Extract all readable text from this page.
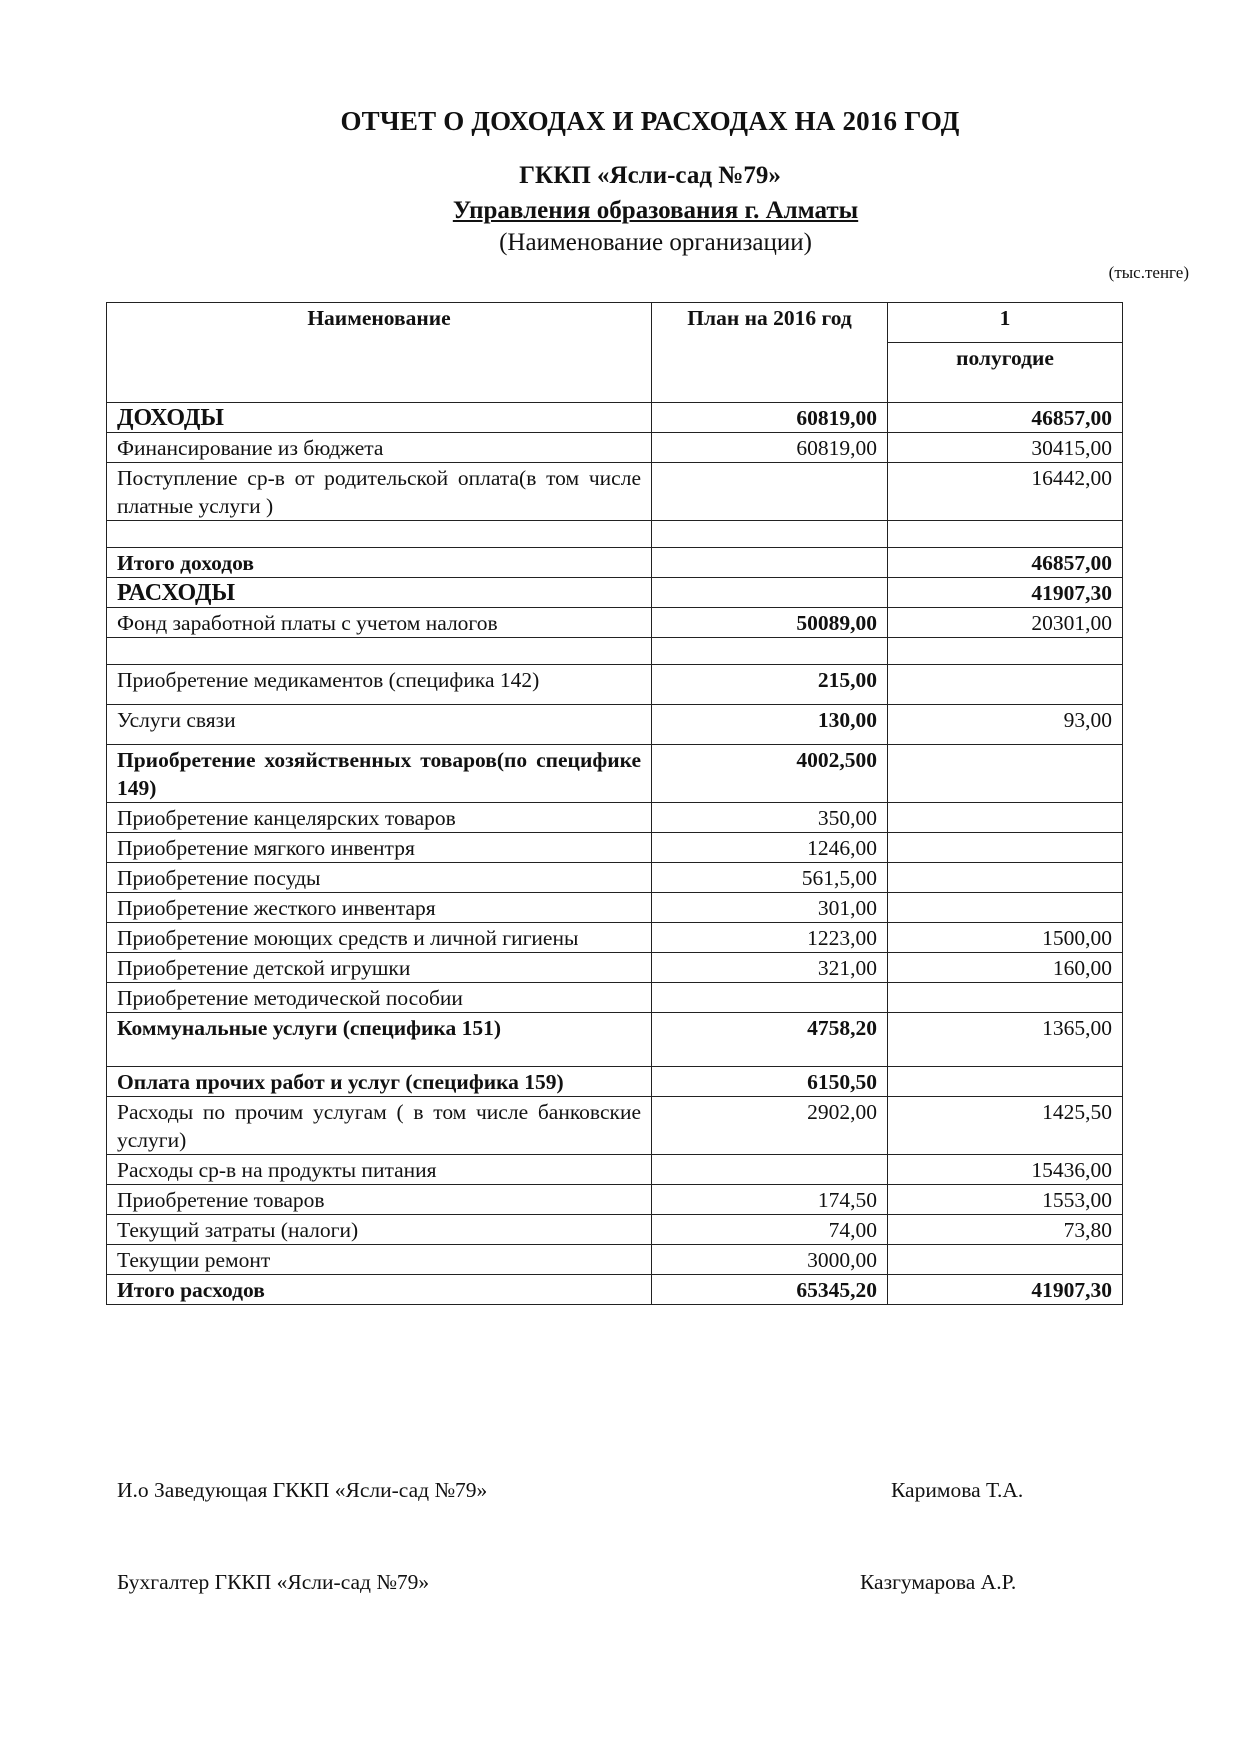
ОТЧЕТ О ДОХОДАХ И РАСХОДАХ НА 2016 ГОД
ГККП «Ясли-сад №79»
Управления образования г. Алматы
(Наименование организации)
(тыс.тенге)
Наименование	План на 2016 год	1
		полугодие
ДОХОДЫ	60819,00	46857,00
Финансирование из бюджета	60819,00	30415,00
Поступление ср-в от родительской оплата(в том числе платные услуги )		16442,00

Итого доходов		46857,00
РАСХОДЫ		41907,30
Фонд заработной платы с учетом налогов	50089,00	20301,00

Приобретение медикаментов (специфика 142)	215,00	
Услуги связи	130,00	93,00
Приобретение хозяйственных товаров(по специфике 149)	4002,500	
Приобретение канцелярских товаров	350,00	
Приобретение мягкого инвентря	1246,00	
Приобретение посуды	561,5,00	
Приобретение жесткого инвентаря	301,00	
Приобретение моющих средств и личной гигиены	1223,00	1500,00
Приобретение детской игрушки	321,00	160,00
Приобретение методической пособии		
Коммунальные услуги (специфика 151)	4758,20	1365,00
Оплата прочих работ и услуг (специфика 159)	6150,50	
Расходы по прочим услугам ( в том числе банковские услуги)	2902,00	1425,50
Расходы ср-в на продукты питания		15436,00
Приобретение товаров	174,50	1553,00
Текущий затраты (налоги)	74,00	73,80
Текущии ремонт	3000,00	
Итого расходов	65345,20	41907,30
И.о Заведующая ГККП «Ясли-сад №79»	Каримова Т.А.
Бухгалтер ГККП «Ясли-сад №79»	Казгумарова А.Р.
